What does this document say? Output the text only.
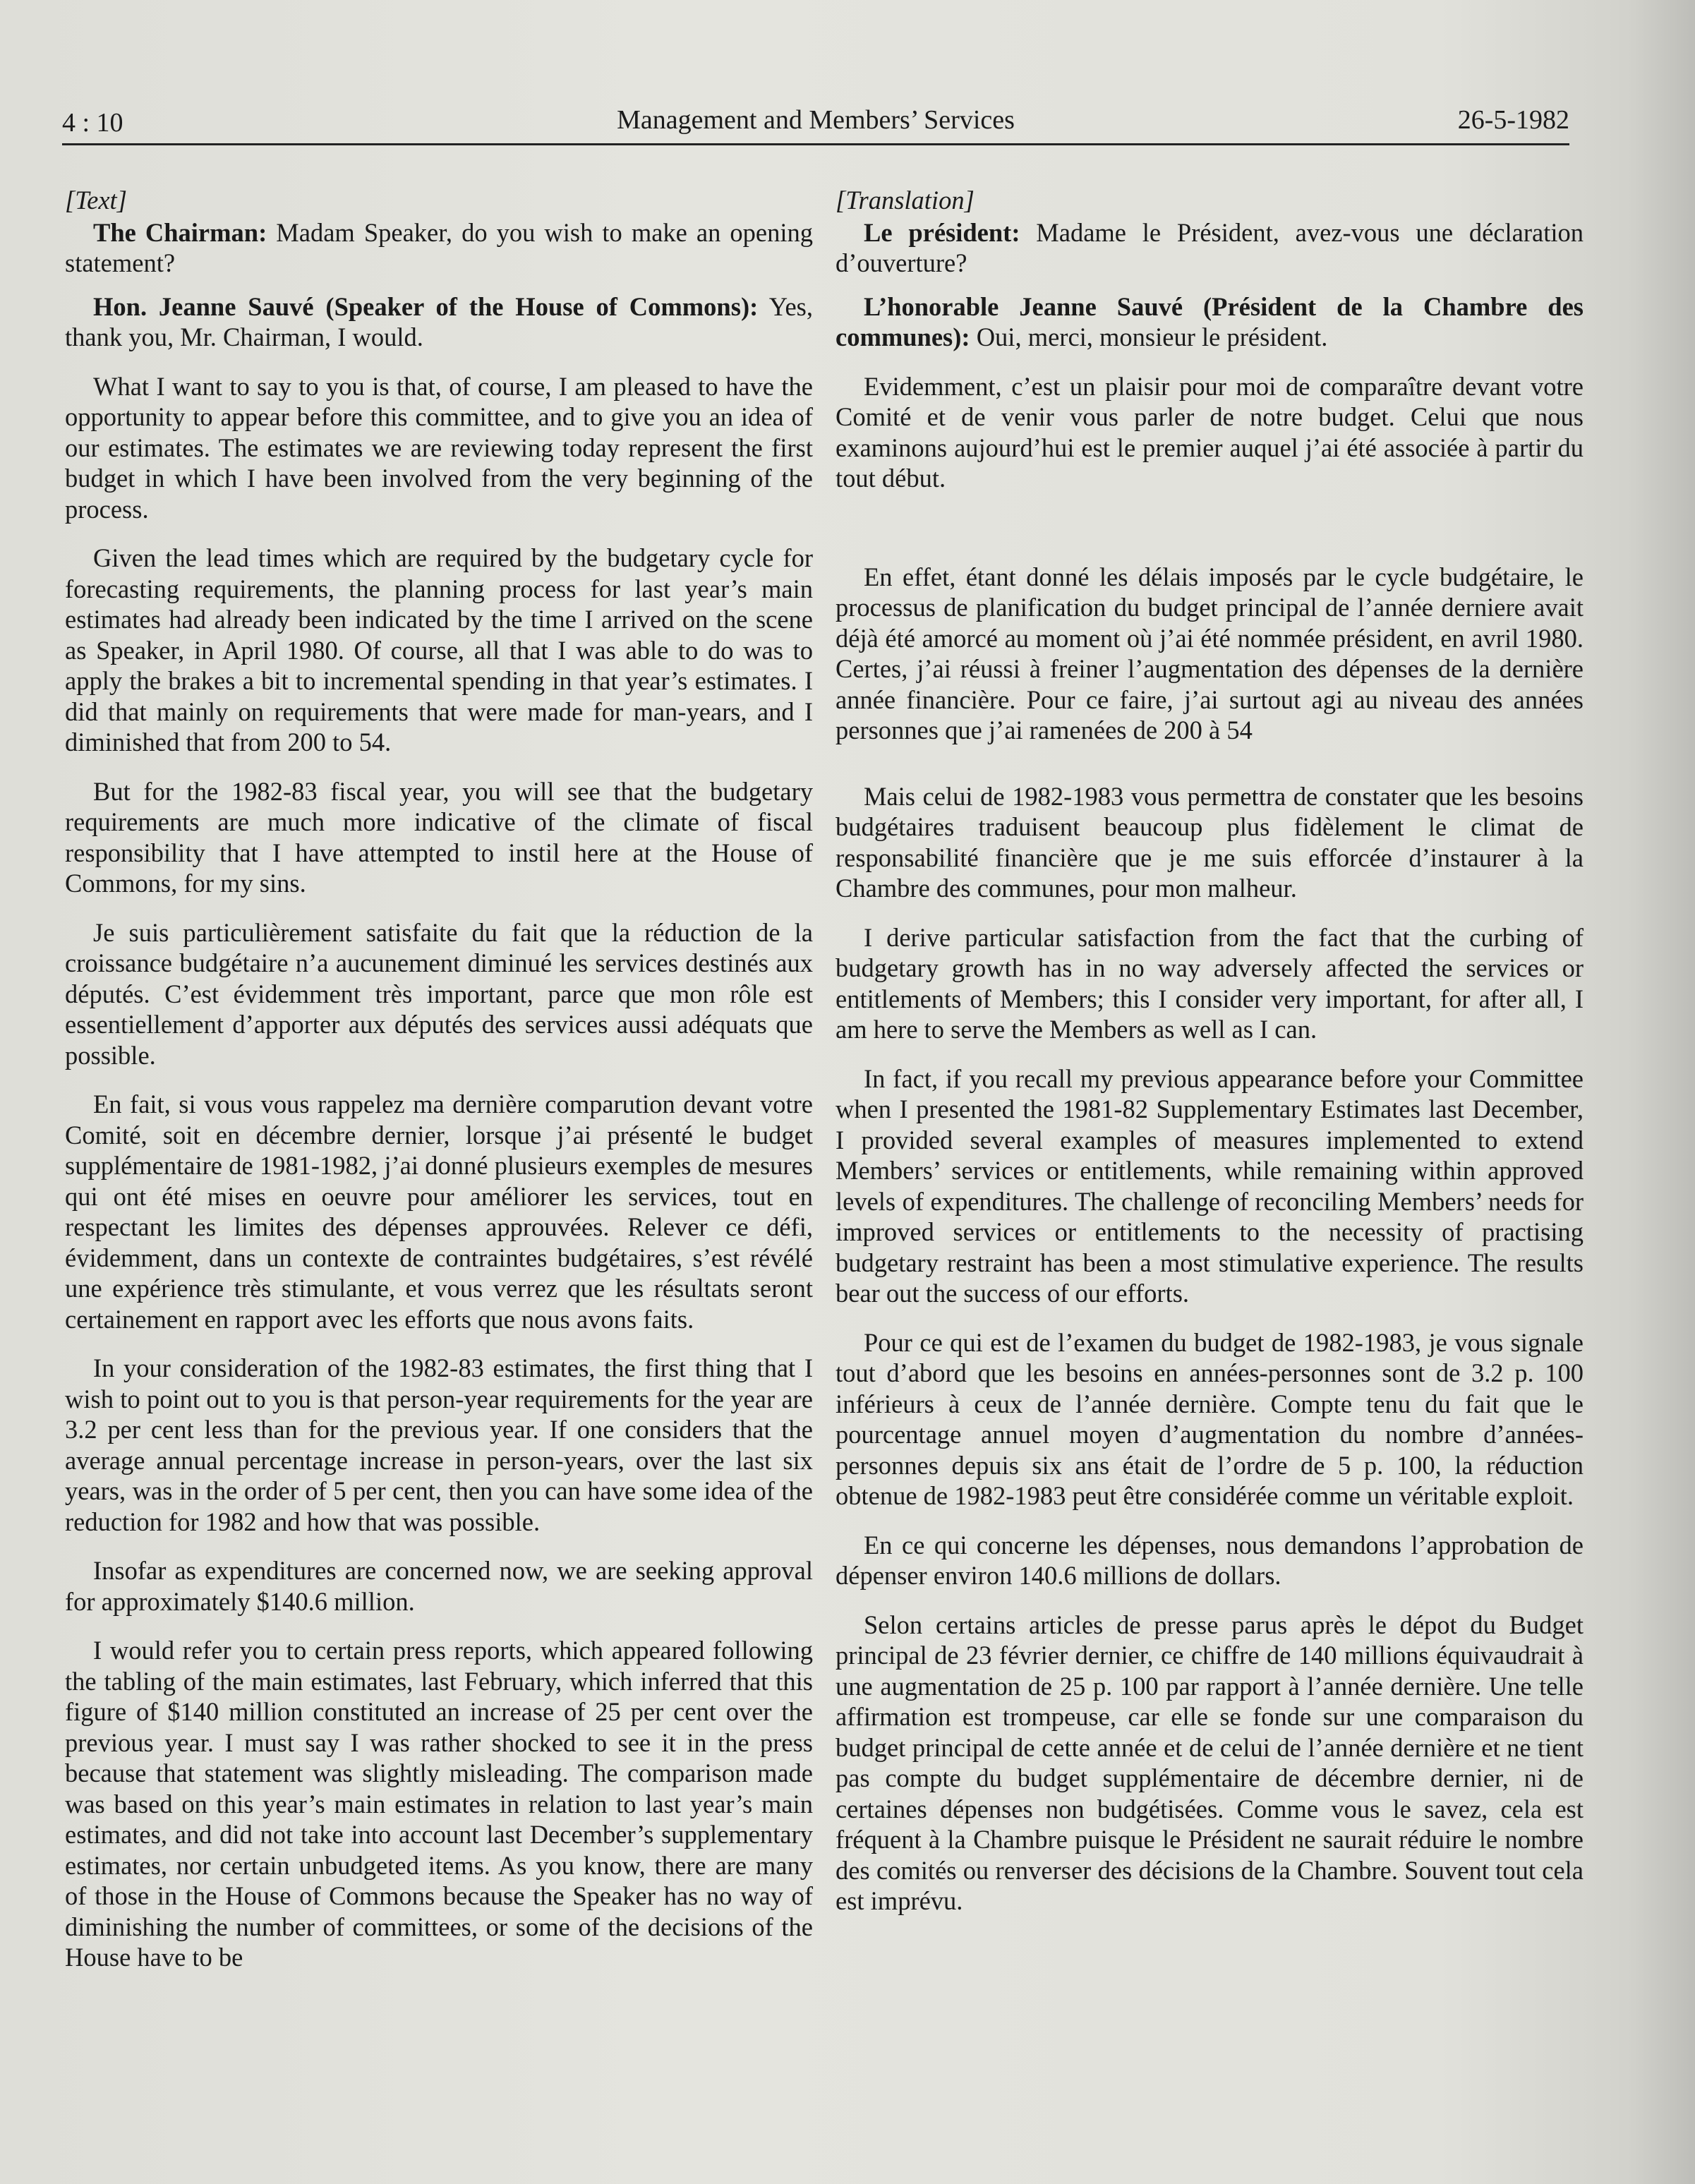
4 : 10	Management and Members’ Services	26-5-1982

[Text]

The Chairman: Madam Speaker, do you wish to make an opening statement?

Hon. Jeanne Sauvé (Speaker of the House of Commons): Yes, thank you, Mr. Chairman, I would.

What I want to say to you is that, of course, I am pleased to have the opportunity to appear before this committee, and to give you an idea of our estimates. The estimates we are reviewing today represent the first budget in which I have been involved from the very beginning of the process.

Given the lead times which are required by the budgetary cycle for forecasting requirements, the planning process for last year’s main estimates had already been indicated by the time I arrived on the scene as Speaker, in April 1980. Of course, all that I was able to do was to apply the brakes a bit to incremental spending in that year’s estimates. I did that mainly on requirements that were made for man-years, and I diminished that from 200 to 54.

But for the 1982-83 fiscal year, you will see that the budgetary requirements are much more indicative of the climate of fiscal responsibility that I have attempted to instil here at the House of Commons, for my sins.

Je suis particulièrement satisfaite du fait que la réduction de la croissance budgétaire n’a aucunement diminué les services destinés aux députés. C’est évidemment très important, parce que mon rôle est essentiellement d’apporter aux députés des services aussi adéquats que possible.

En fait, si vous vous rappelez ma dernière comparution devant votre Comité, soit en décembre dernier, lorsque j’ai présenté le budget supplémentaire de 1981-1982, j’ai donné plusieurs exemples de mesures qui ont été mises en oeuvre pour améliorer les services, tout en respectant les limites des dépenses approuvées. Relever ce défi, évidemment, dans un contexte de contraintes budgétaires, s’est révélé une expérience très stimulante, et vous verrez que les résultats seront certainement en rapport avec les efforts que nous avons faits.

In your consideration of the 1982-83 estimates, the first thing that I wish to point out to you is that person-year requirements for the year are 3.2 per cent less than for the previous year. If one considers that the average annual percentage increase in person-years, over the last six years, was in the order of 5 per cent, then you can have some idea of the reduction for 1982 and how that was possible.

Insofar as expenditures are concerned now, we are seeking approval for approximately $140.6 million.

I would refer you to certain press reports, which appeared following the tabling of the main estimates, last February, which inferred that this figure of $140 million constituted an increase of 25 per cent over the previous year. I must say I was rather shocked to see it in the press because that statement was slightly misleading. The comparison made was based on this year’s main estimates in relation to last year’s main estimates, and did not take into account last December’s supplementary estimates, nor certain unbudgeted items. As you know, there are many of those in the House of Commons because the Speaker has no way of diminishing the number of committees, or some of the decisions of the House have to be

[Translation]

Le président: Madame le Président, avez-vous une déclaration d’ouverture?

L’honorable Jeanne Sauvé (Président de la Chambre des communes): Oui, merci, monsieur le président.

Evidemment, c’est un plaisir pour moi de comparaître devant votre Comité et de venir vous parler de notre budget. Celui que nous examinons aujourd’hui est le premier auquel j’ai été associée à partir du tout début.

En effet, étant donné les délais imposés par le cycle budgétaire, le processus de planification du budget principal de l’année derniere avait déjà été amorcé au moment où j’ai été nommée président, en avril 1980. Certes, j’ai réussi à freiner l’augmentation des dépenses de la dernière année financière. Pour ce faire, j’ai surtout agi au niveau des années personnes que j’ai ramenées de 200 à 54

Mais celui de 1982-1983 vous permettra de constater que les besoins budgétaires traduisent beaucoup plus fidèlement le climat de responsabilité financière que je me suis efforcée d’instaurer à la Chambre des communes, pour mon malheur.

I derive particular satisfaction from the fact that the curbing of budgetary growth has in no way adversely affected the services or entitlements of Members; this I consider very important, for after all, I am here to serve the Members as well as I can.

In fact, if you recall my previous appearance before your Committee when I presented the 1981-82 Supplementary Estimates last December, I provided several examples of measures implemented to extend Members’ services or entitlements, while remaining within approved levels of expenditures. The challenge of reconciling Members’ needs for improved services or entitlements to the necessity of practising budgetary restraint has been a most stimulative experience. The results bear out the success of our efforts.

Pour ce qui est de l’examen du budget de 1982-1983, je vous signale tout d’abord que les besoins en années-personnes sont de 3.2 p. 100 inférieurs à ceux de l’année dernière. Compte tenu du fait que le pourcentage annuel moyen d’augmentation du nombre d’années-personnes depuis six ans était de l’ordre de 5 p. 100, la réduction obtenue de 1982-1983 peut être considérée comme un véritable exploit.

En ce qui concerne les dépenses, nous demandons l’approbation de dépenser environ 140.6 millions de dollars.

Selon certains articles de presse parus après le dépot du Budget principal de 23 février dernier, ce chiffre de 140 millions équivaudrait à une augmentation de 25 p. 100 par rapport à l’année dernière. Une telle affirmation est trompeuse, car elle se fonde sur une comparaison du budget principal de cette année et de celui de l’année dernière et ne tient pas compte du budget supplémentaire de décembre dernier, ni de certaines dépenses non budgétisées. Comme vous le savez, cela est fréquent à la Chambre puisque le Président ne saurait réduire le nombre des comités ou renverser des décisions de la Chambre. Souvent tout cela est imprévu.
